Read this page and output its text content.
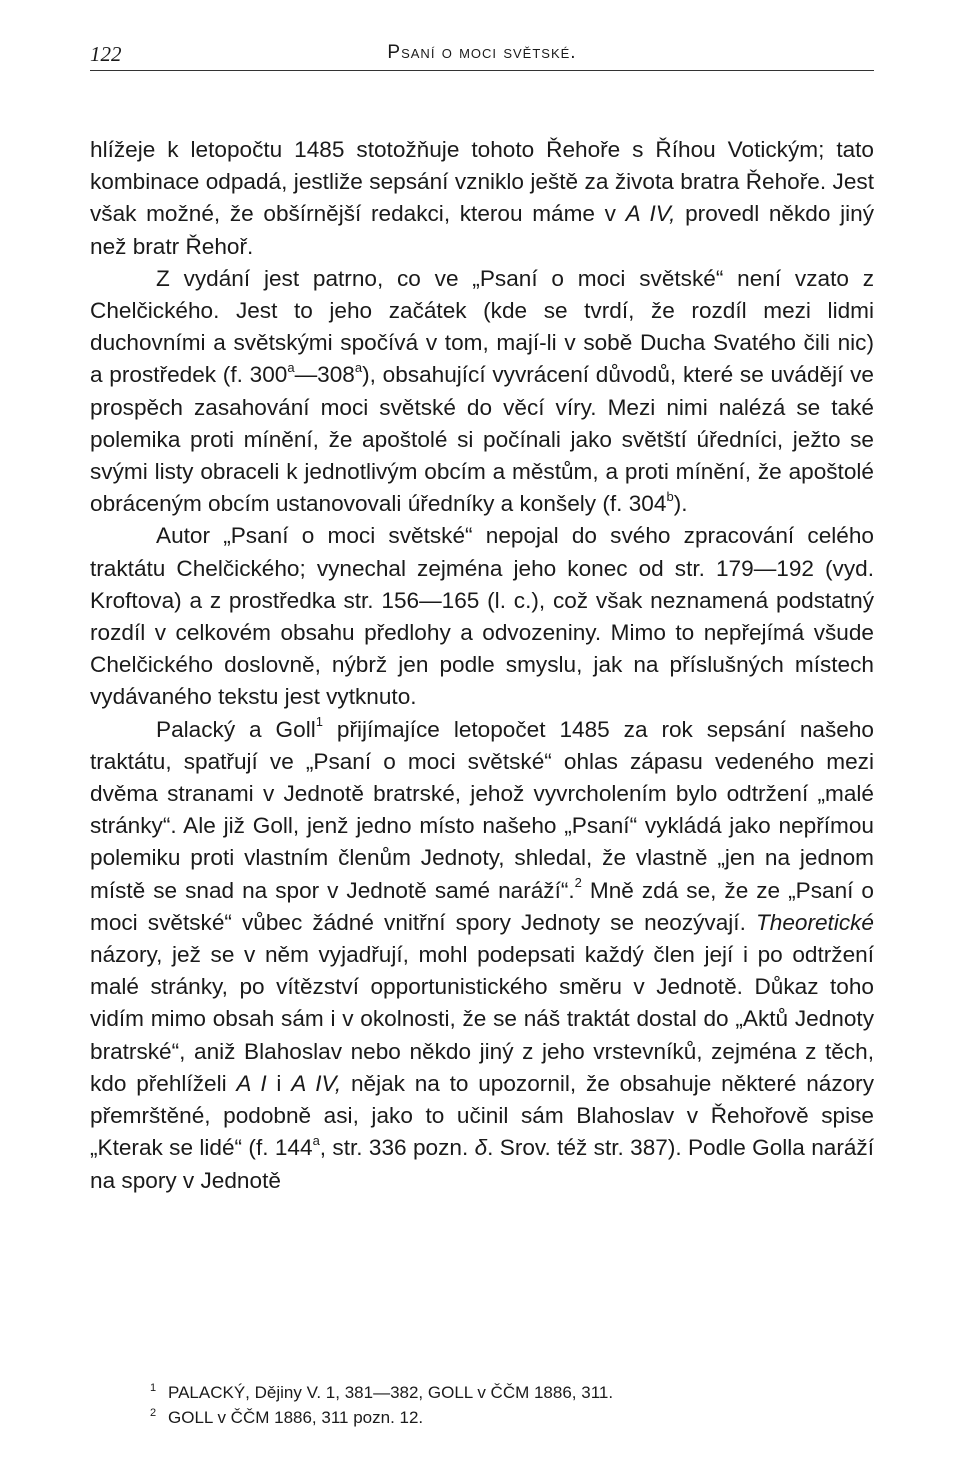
122	Psaní o moci světské.

hlížeje k letopočtu 1485 stotožňuje tohoto Řehoře s Říhou Votickým; tato kombinace odpadá, jestliže sepsání vzniklo ještě za života bratra Řehoře. Jest však možné, že obšírnější redakci, kterou máme v A IV, provedl někdo jiný než bratr Řehoř.

Z vydání jest patrno, co ve „Psaní o moci světské“ není vzato z Chelčického. Jest to jeho začátek (kde se tvrdí, že rozdíl mezi lidmi duchovními a světskými spočívá v tom, mají-li v sobě Ducha Svatého čili nic) a prostředek (f. 300$^a$—308$^a$), obsahující vyvrácení důvodů, které se uvádějí ve prospěch zasahování moci světské do věcí víry. Mezi nimi nalézá se také polemika proti mínění, že apoštolé si počínali jako světští úředníci, ježto se svými listy obraceli k jednotlivým obcím a městům, a proti mínění, že apoštolé obráceným obcím ustanovovali úředníky a konšely (f. 304$^b$).

Autor „Psaní o moci světské“ nepojal do svého zpracování celého traktátu Chelčického; vynechal zejména jeho konec od str. 179—192 (vyd. Kroftova) a z prostředka str. 156—165 (l. c.), což však neznamená podstatný rozdíl v celkovém obsahu předlohy a odvozeniny. Mimo to nepřejímá všude Chelčického doslovně, nýbrž jen podle smyslu, jak na příslušných místech vydávaného tekstu jest vytknuto.

Palacký a Goll$^1$ přijímajíce letopočet 1485 za rok sepsání našeho traktátu, spatřují ve „Psaní o moci světské“ ohlas zápasu vedeného mezi dvěma stranami v Jednotě bratrské, jehož vyvrcholením bylo odtržení „malé stránky“. Ale již Goll, jenž jedno místo našeho „Psaní“ vykládá jako nepřímou polemiku proti vlastním členům Jednoty, shledal, že vlastně „jen na jednom místě se snad na spor v Jednotě samé naráží“.$^2$ Mně zdá se, že ze „Psaní o moci světské“ vůbec žádné vnitřní spory Jednoty se neozývají. Theoretické názory, jež se v něm vyjadřují, mohl podepsati každý člen její i po odtržení malé stránky, po vítězství opportunistického směru v Jednotě. Důkaz toho vidím mimo obsah sám i v okolnosti, že se náš traktát dostal do „Aktů Jednoty bratrské“, aniž Blahoslav nebo někdo jiný z jeho vrstevníků, zejména z těch, kdo přehlíželi A I i A IV, nějak na to upozornil, že obsahuje některé názory přemrštěné, podobně asi, jako to učinil sám Blahoslav v Řehořově spise „Kterak se lidé“ (f. 144$^a$, str. 336 pozn. δ. Srov. též str. 387). Podle Golla naráží na spory v Jednotě

1 PALACKÝ, Dějiny V. 1, 381—382, GOLL v ČČM 1886, 311.
2 GOLL v ČČM 1886, 311 pozn. 12.
